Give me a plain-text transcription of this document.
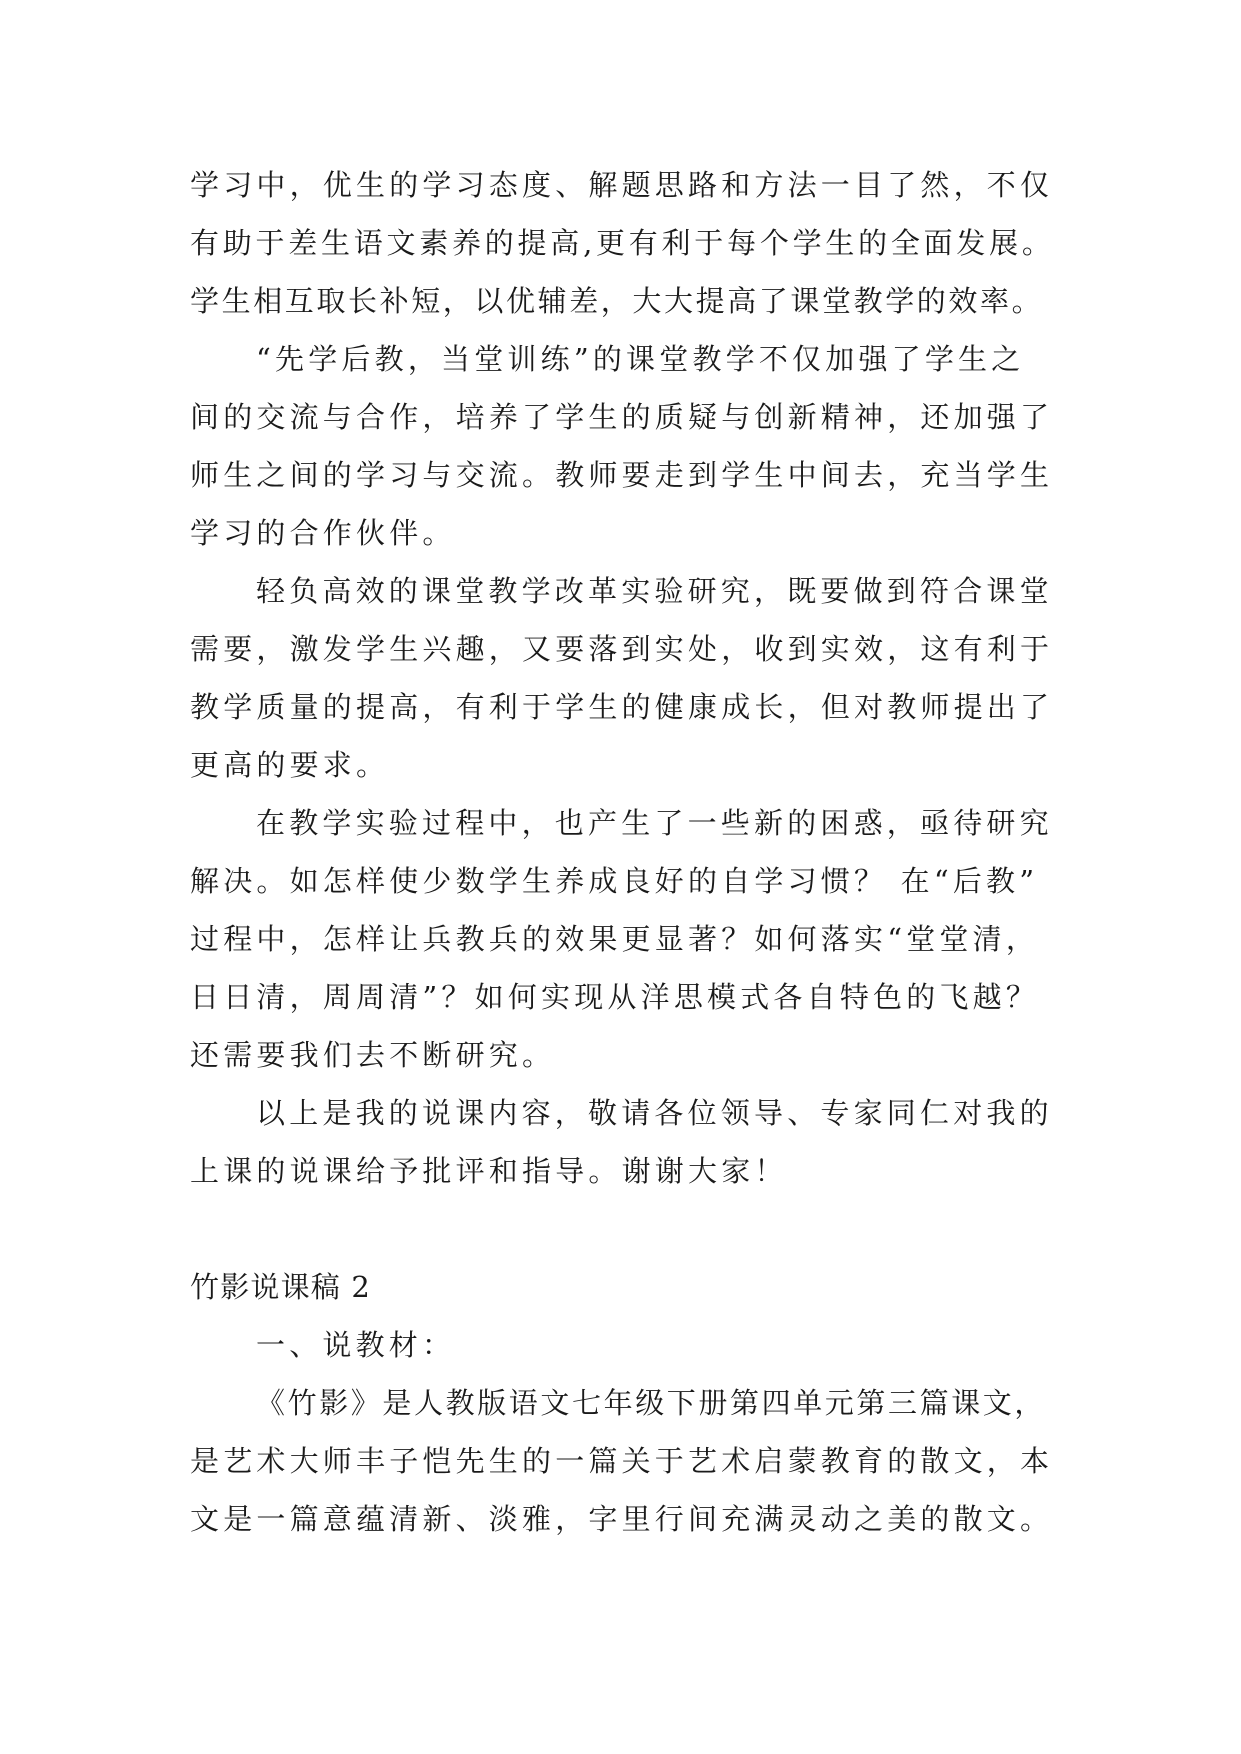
学习中，优生的学习态度、解题思路和方法一目了然，不仅

有助于差生语文素养的提高,更有利于每个学生的全面发展。

学生相互取长补短，以优辅差，大大提高了课堂教学的效率。

“先学后教，当堂训练”的课堂教学不仅加强了学生之

间的交流与合作，培养了学生的质疑与创新精神，还加强了

师生之间的学习与交流。教师要走到学生中间去，充当学生

学习的合作伙伴。

轻负高效的课堂教学改革实验研究，既要做到符合课堂

需要，激发学生兴趣，又要落到实处，收到实效，这有利于

教学质量的提高，有利于学生的健康成长，但对教师提出了

更高的要求。

在教学实验过程中，也产生了一些新的困惑，亟待研究

解决。如怎样使少数学生养成良好的自学习惯？ 在“后教”

过程中，怎样让兵教兵的效果更显著？如何落实“堂堂清，

日日清，周周清”？如何实现从洋思模式各自特色的飞越？

还需要我们去不断研究。

以上是我的说课内容，敬请各位领导、专家同仁对我的

上课的说课给予批评和指导。谢谢大家！

竹影说课稿 2

一、说教材：

《竹影》是人教版语文七年级下册第四单元第三篇课文，

是艺术大师丰子恺先生的一篇关于艺术启蒙教育的散文，本

文是一篇意蕴清新、淡雅，字里行间充满灵动之美的散文。
